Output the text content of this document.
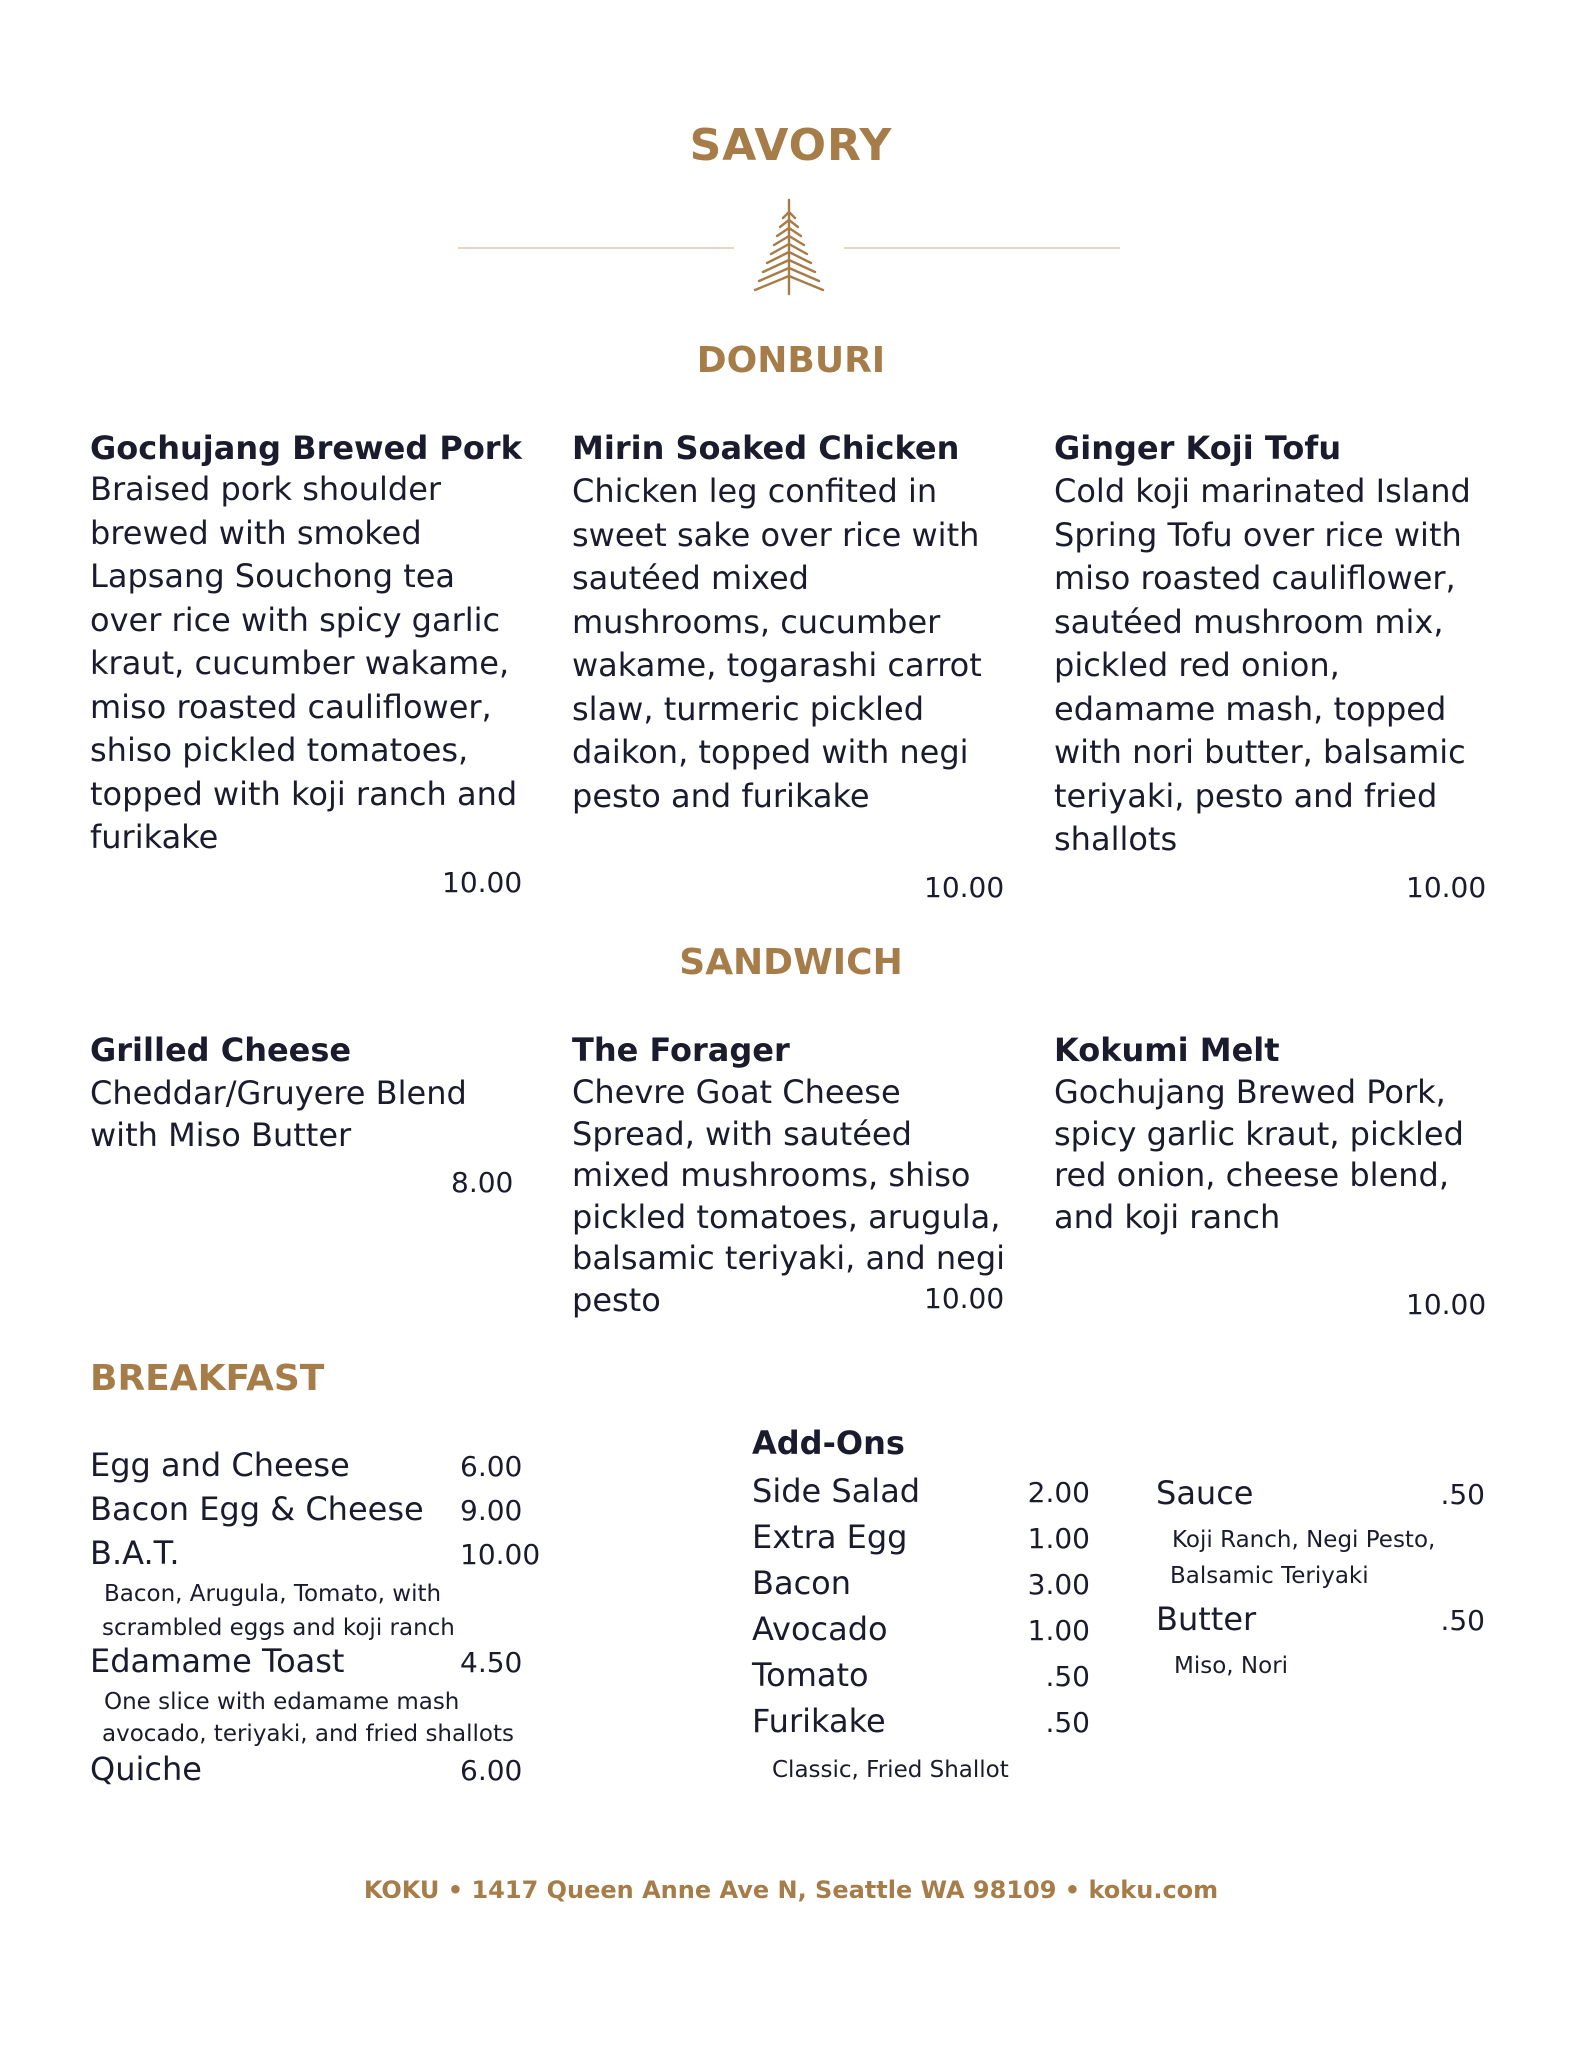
SAVORY
DONBURI
Gochujang Brewed Pork
Braised pork shoulder
brewed with smoked
Lapsang Souchong tea
over rice with spicy garlic
kraut, cucumber wakame,
miso roasted cauliflower,
shiso pickled tomatoes,
topped with koji ranch and
furikake
10.00
Mirin Soaked Chicken
Chicken leg confited in
sweet sake over rice with
sautéed mixed
mushrooms, cucumber
wakame, togarashi carrot
slaw, turmeric pickled
daikon, topped with negi
pesto and furikake
10.00
Ginger Koji Tofu
Cold koji marinated Island
Spring Tofu over rice with
miso roasted cauliflower,
sautéed mushroom mix,
pickled red onion,
edamame mash, topped
with nori butter, balsamic
teriyaki, pesto and fried
shallots
10.00
SANDWICH
Grilled Cheese
Cheddar/Gruyere Blend
with Miso Butter
8.00
The Forager
Chevre Goat Cheese
Spread, with sautéed
mixed mushrooms, shiso
pickled tomatoes, arugula,
balsamic teriyaki, and negi
pesto	10.00
Kokumi Melt
Gochujang Brewed Pork,
spicy garlic kraut, pickled
red onion, cheese blend,
and koji ranch
10.00
BREAKFAST
Egg and Cheese	6.00
Bacon Egg & Cheese 9.00
B.A.T.	10.00
Bacon, Arugula, Tomato, with
scrambled eggs and koji ranch
Edamame Toast	4.50
One slice with edamame mash
avocado, teriyaki, and fried shallots
Quiche	6.00
Add-Ons
Side Salad	2.00
Extra Egg	1.00
Bacon	3.00
Avocado	1.00
Tomato	.50
Furikake	.50
Classic, Fried Shallot
Sauce	.50
Koji Ranch, Negi Pesto,
Balsamic Teriyaki
Butter	.50
Miso, Nori
KOKU • 1417 Queen Anne Ave N, Seattle WA 98109 • koku.com
